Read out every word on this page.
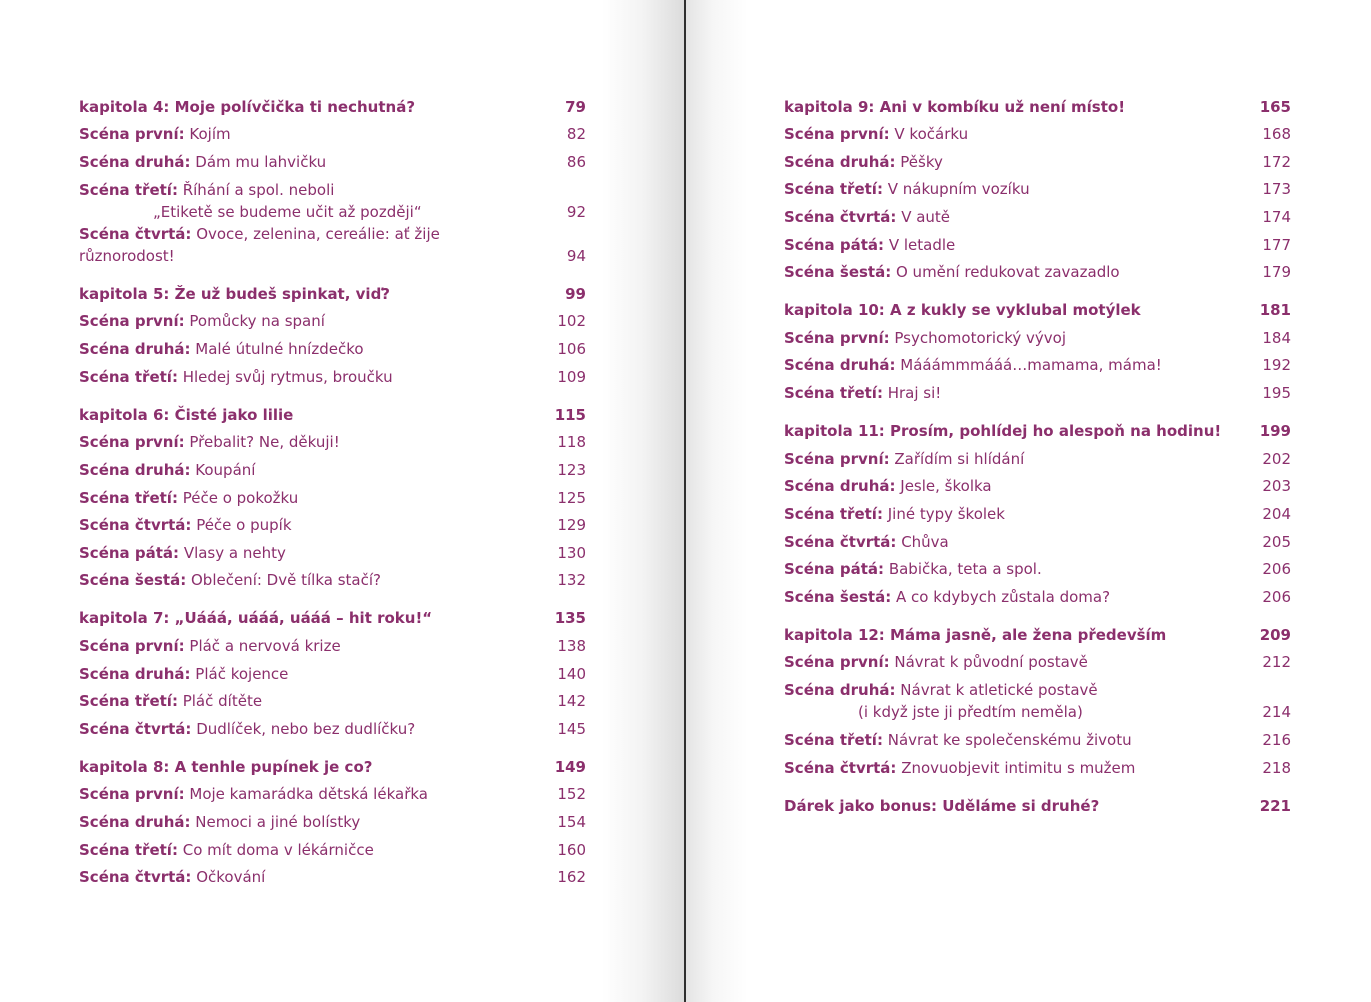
kapitola 4: Moje polívčička ti nechutná?	79
Scéna první: Kojím	82
Scéna druhá: Dám mu lahvičku	86
Scéna třetí: Říhání a spol. neboli
„Etiketě se budeme učit až později“	92
Scéna čtvrtá: Ovoce, zelenina, cereálie: ať žije různorodost!	94
kapitola 5: Že už budeš spinkat, viď?	99
Scéna první: Pomůcky na spaní	102
Scéna druhá: Malé útulné hnízdečko	106
Scéna třetí: Hledej svůj rytmus, broučku	109
kapitola 6: Čisté jako lilie	115
Scéna první: Přebalit? Ne, děkuji!	118
Scéna druhá: Koupání	123
Scéna třetí: Péče o pokožku	125
Scéna čtvrtá: Péče o pupík	129
Scéna pátá: Vlasy a nehty	130
Scéna šestá: Oblečení: Dvě tílka stačí?	132
kapitola 7: „Uááá, uááá, uááá – hit roku!“	135
Scéna první: Pláč a nervová krize	138
Scéna druhá: Pláč kojence	140
Scéna třetí: Pláč dítěte	142
Scéna čtvrtá: Dudlíček, nebo bez dudlíčku?	145
kapitola 8: A tenhle pupínek je co?	149
Scéna první: Moje kamarádka dětská lékařka	152
Scéna druhá: Nemoci a jiné bolístky	154
Scéna třetí: Co mít doma v lékárničce	160
Scéna čtvrtá: Očkování	162
kapitola 9: Ani v kombíku už není místo!	165
Scéna první: V kočárku	168
Scéna druhá: Pěšky	172
Scéna třetí: V nákupním vozíku	173
Scéna čtvrtá: V autě	174
Scéna pátá: V letadle	177
Scéna šestá: O umění redukovat zavazadlo	179
kapitola 10: A z kukly se vyklubal motýlek	181
Scéna první: Psychomotorický vývoj	184
Scéna druhá: Mááámmmááá…mamama, máma!	192
Scéna třetí: Hraj si!	195
kapitola 11: Prosím, pohlídej ho alespoň na hodinu!	199
Scéna první: Zařídím si hlídání	202
Scéna druhá: Jesle, školka	203
Scéna třetí: Jiné typy školek	204
Scéna čtvrtá: Chůva	205
Scéna pátá: Babička, teta a spol.	206
Scéna šestá: A co kdybych zůstala doma?	206
kapitola 12: Máma jasně, ale žena především	209
Scéna první: Návrat k původní postavě	212
Scéna druhá: Návrat k atletické postavě
(i když jste ji předtím neměla)	214
Scéna třetí: Návrat ke společenskému životu	216
Scéna čtvrtá: Znovuobjevit intimitu s mužem	218
Dárek jako bonus: Uděláme si druhé?	221
